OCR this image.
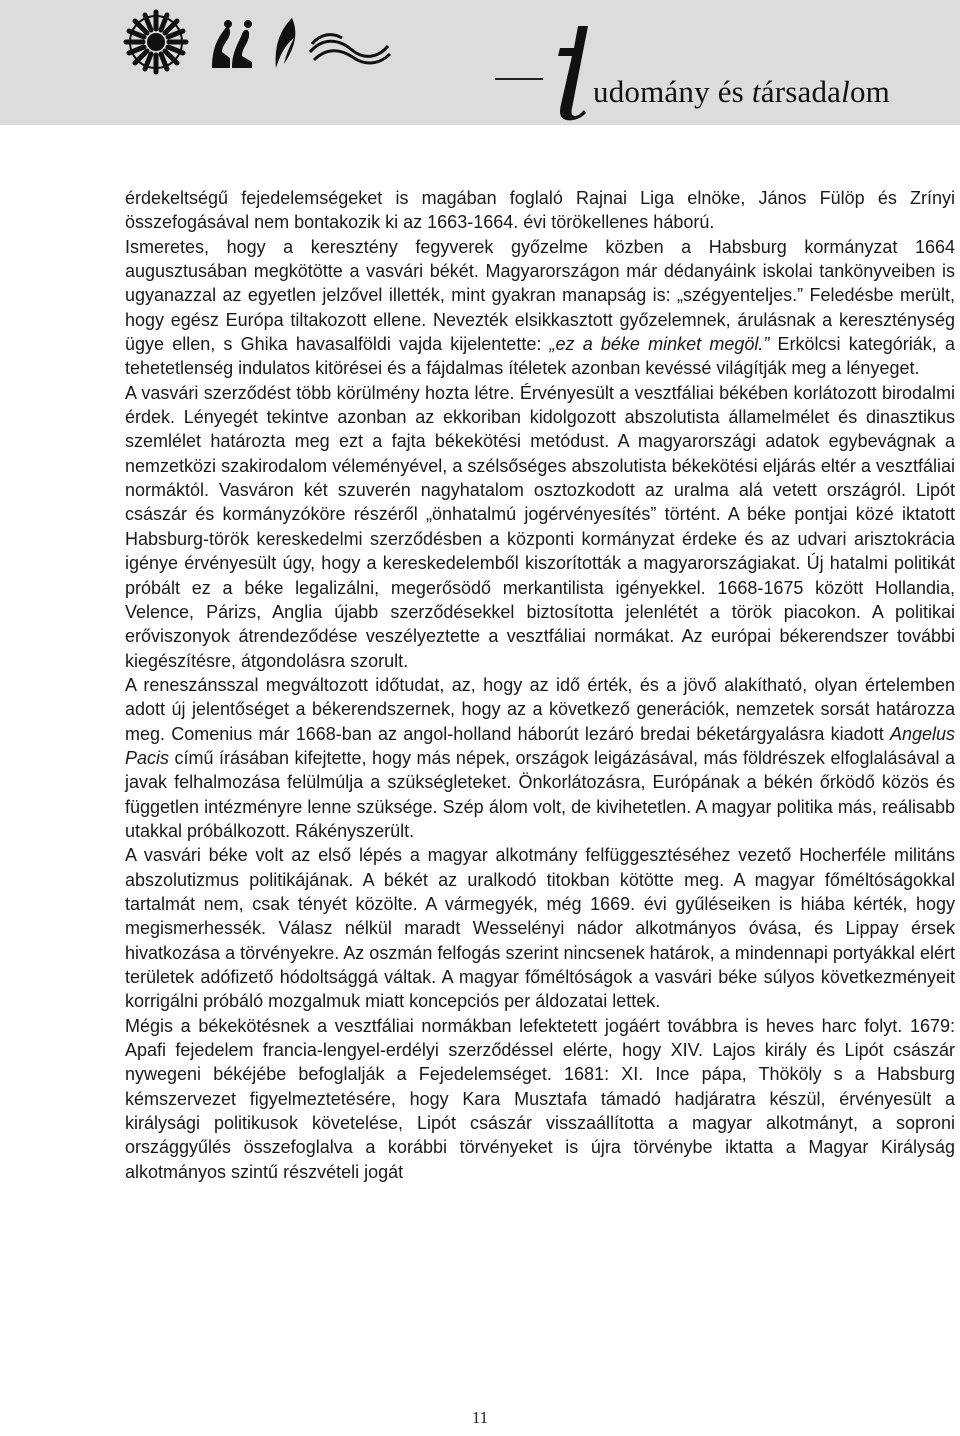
udomány és társadalom

érdekeltségű fejedelemségeket is magában foglaló Rajnai Liga elnöke, János Fülöp és Zrínyi összefogásával nem bontakozik ki az 1663-1664. évi törökellenes háború.

Ismeretes, hogy a keresztény fegyverek győzelme közben a Habsburg kormányzat 1664 augusztusában megkötötte a vasvári békét. Magyarországon már dédanyáink iskolai tankönyveiben is ugyanazzal az egyetlen jelzővel illették, mint gyakran manapság is: „szégyenteljes.” Feledésbe merült, hogy egész Európa tiltakozott ellene. Nevezték elsikkasztott győzelemnek, árulásnak a kereszténység ügye ellen, s Ghika havasalföldi vajda kijelentette: „ez a béke minket megöl.” Erkölcsi kategóriák, a tehetetlenség indulatos kitörései és a fájdalmas ítéletek azonban kevéssé világítják meg a lényeget.

A vasvári szerződést több körülmény hozta létre. Érvényesült a vesztfáliai békében korlátozott birodalmi érdek. Lényegét tekintve azonban az ekkoriban kidolgozott abszolutista államelmélet és dinasztikus szemlélet határozta meg ezt a fajta békekötési metódust. A magyarországi adatok egybevágnak a nemzetközi szakirodalom véleményével, a szélsőséges abszolutista békekötési eljárás eltér a vesztfáliai normáktól. Vasváron két szuverén nagyhatalom osztozkodott az uralma alá vetett országról. Lipót császár és kormányzóköre részéről „önhatalmú jogérvényesítés” történt. A béke pontjai közé iktatott Habsburg-török kereskedelmi szerződésben a központi kormányzat érdeke és az udvari arisztokrácia igénye érvényesült úgy, hogy a kereskedelemből kiszorították a magyarországiakat. Új hatalmi politikát próbált ez a béke legalizálni, megerősödő merkantilista igényekkel. 1668-1675 között Hollandia, Velence, Párizs, Anglia újabb szerződésekkel biztosította jelenlétét a török piacokon. A politikai erőviszonyok átrendeződése veszélyeztette a vesztfáliai normákat. Az európai békerendszer további kiegészítésre, átgondolásra szorult.

A reneszánsszal megváltozott időtudat, az, hogy az idő érték, és a jövő alakítható, olyan értelemben adott új jelentőséget a békerendszernek, hogy az a következő generációk, nemzetek sorsát határozza meg. Comenius már 1668-ban az angol-holland háborút lezáró bredai béketárgyalásra kiadott Angelus Pacis című írásában kifejtette, hogy más népek, országok leigázásával, más földrészek elfoglalásával a javak felhalmozása felülmúlja a szükségleteket. Önkorlátozásra, Európának a békén őrködő közös és független intézményre lenne szüksége. Szép álom volt, de kivihetetlen. A magyar politika más, reálisabb utakkal próbálkozott. Rákényszerült.

A vasvári béke volt az első lépés a magyar alkotmány felfüggesztéséhez vezető Hocherféle militáns abszolutizmus politikájának. A békét az uralkodó titokban kötötte meg. A magyar főméltóságokkal tartalmát nem, csak tényét közölte. A vármegyék, még 1669. évi gyűléseiken is hiába kérték, hogy megismerhessék. Válasz nélkül maradt Wesselényi nádor alkotmányos óvása, és Lippay érsek hivatkozása a törvényekre. Az oszmán felfogás szerint nincsenek határok, a mindennapi portyákkal elért területek adófizető hódoltsággá váltak. A magyar főméltóságok a vasvári béke súlyos következményeit korrigálni próbáló mozgalmuk miatt koncepciós per áldozatai lettek.

Mégis a békekötésnek a vesztfáliai normákban lefektetett jogáért továbbra is heves harc folyt. 1679: Apafi fejedelem francia-lengyel-erdélyi szerződéssel elérte, hogy XIV. Lajos király és Lipót császár nywegeni békéjébe befoglalják a Fejedelemséget. 1681: XI. Ince pápa, Thököly s a Habsburg kémszervezet figyelmeztetésére, hogy Kara Musztafa támadó hadjáratra készül, érvényesült a királysági politikusok követelése, Lipót császár visszaállította a magyar alkotmányt, a soproni országgyűlés összefoglalva a korábbi törvényeket is újra törvénybe iktatta a Magyar Királyság alkotmányos szintű részvételi jogát

11
